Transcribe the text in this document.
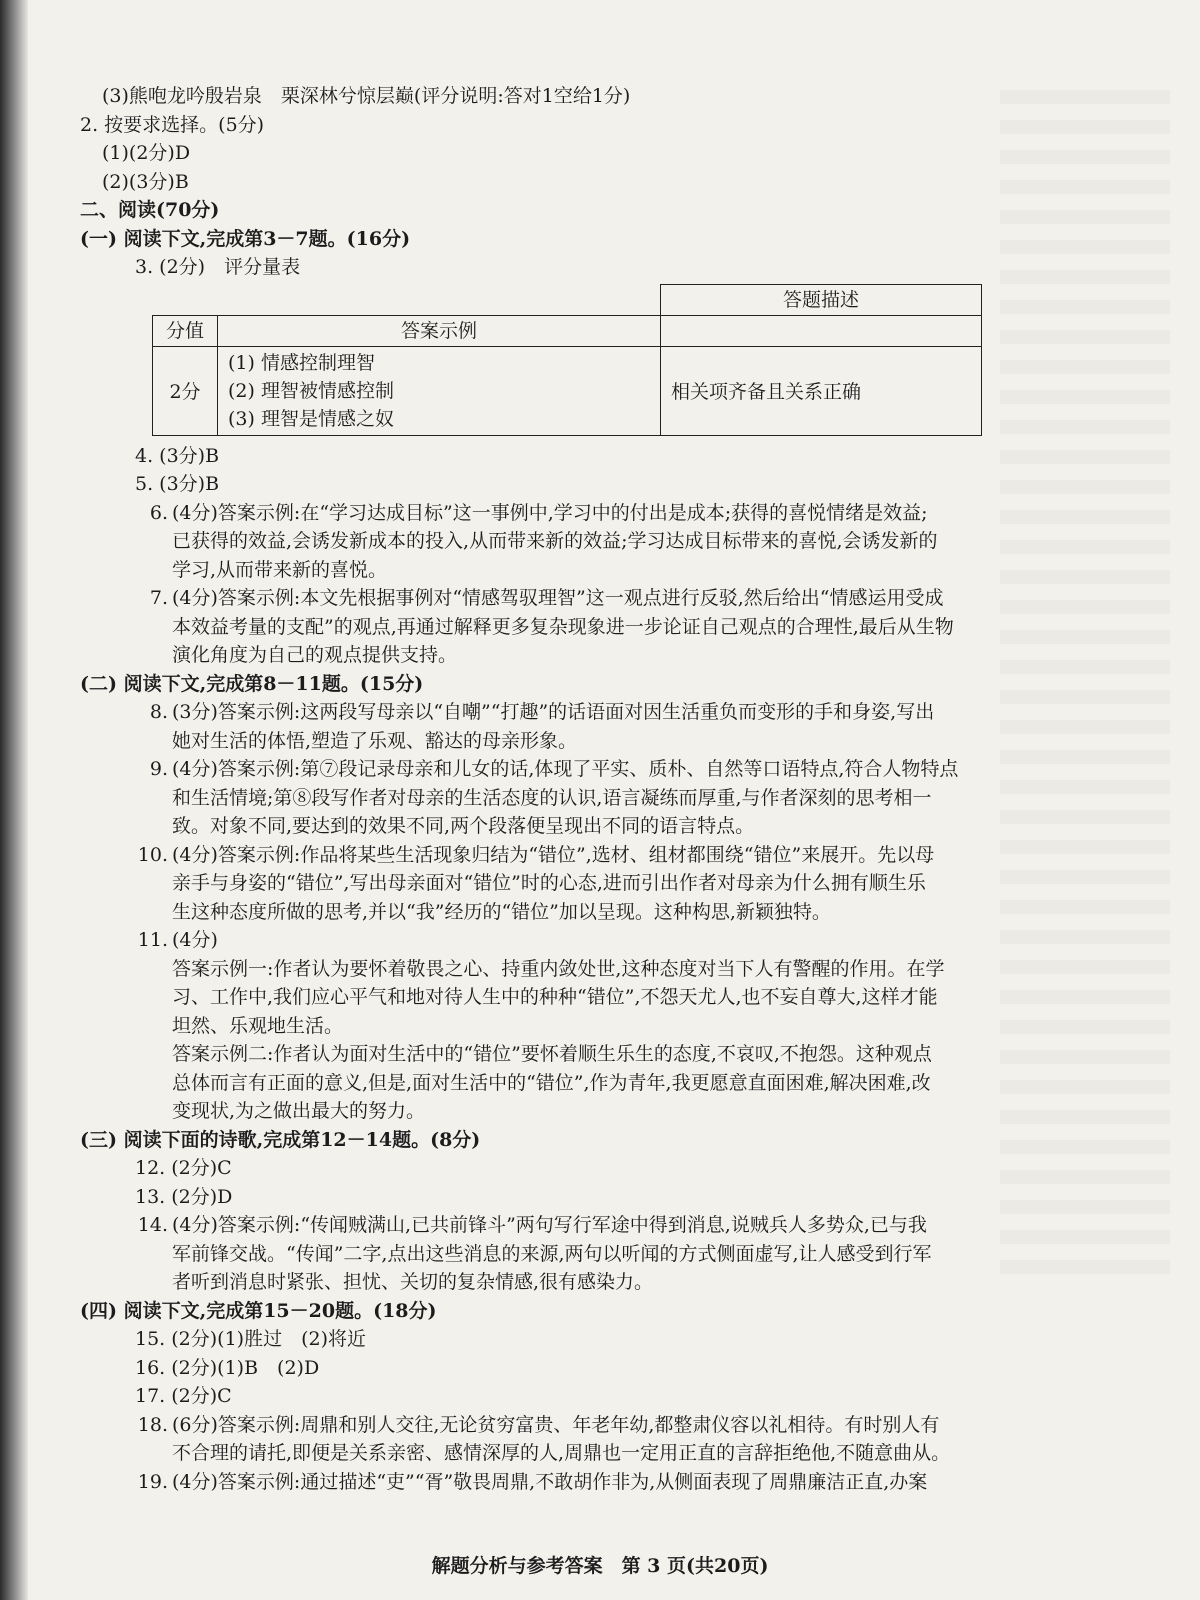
(3)熊咆龙吟殷岩泉　栗深林兮惊层巅(评分说明:答对1空给1分)
2. 按要求选择。(5分)
(1)(2分)D
(2)(3分)B
二、阅读(70分)
(一) 阅读下文,完成第3－7题。(16分)
3. (2分)　评分量表
		答题描述
分值	答案示例	
2分	(1) 情感控制理智
(2) 理智被情感控制
(3) 理智是情感之奴	相关项齐备且关系正确
4. (3分)B
5. (3分)B
6. (4分)答案示例:在“学习达成目标”这一事例中,学习中的付出是成本;获得的喜悦情绪是效益;
已获得的效益,会诱发新成本的投入,从而带来新的效益;学习达成目标带来的喜悦,会诱发新的
学习,从而带来新的喜悦。
7. (4分)答案示例:本文先根据事例对“情感驾驭理智”这一观点进行反驳,然后给出“情感运用受成
本效益考量的支配”的观点,再通过解释更多复杂现象进一步论证自己观点的合理性,最后从生物
演化角度为自己的观点提供支持。
(二) 阅读下文,完成第8－11题。(15分)
8. (3分)答案示例:这两段写母亲以“自嘲”“打趣”的话语面对因生活重负而变形的手和身姿,写出
她对生活的体悟,塑造了乐观、豁达的母亲形象。
9. (4分)答案示例:第⑦段记录母亲和儿女的话,体现了平实、质朴、自然等口语特点,符合人物特点
和生活情境;第⑧段写作者对母亲的生活态度的认识,语言凝练而厚重,与作者深刻的思考相一
致。对象不同,要达到的效果不同,两个段落便呈现出不同的语言特点。
10. (4分)答案示例:作品将某些生活现象归结为“错位”,选材、组材都围绕“错位”来展开。先以母
亲手与身姿的“错位”,写出母亲面对“错位”时的心态,进而引出作者对母亲为什么拥有顺生乐
生这种态度所做的思考,并以“我”经历的“错位”加以呈现。这种构思,新颖独特。
11. (4分)
答案示例一:作者认为要怀着敬畏之心、持重内敛处世,这种态度对当下人有警醒的作用。在学
习、工作中,我们应心平气和地对待人生中的种种“错位”,不怨天尤人,也不妄自尊大,这样才能
坦然、乐观地生活。
答案示例二:作者认为面对生活中的“错位”要怀着顺生乐生的态度,不哀叹,不抱怨。这种观点
总体而言有正面的意义,但是,面对生活中的“错位”,作为青年,我更愿意直面困难,解决困难,改
变现状,为之做出最大的努力。
(三) 阅读下面的诗歌,完成第12－14题。(8分)
12. (2分)C
13. (2分)D
14. (4分)答案示例:“传闻贼满山,已共前锋斗”两句写行军途中得到消息,说贼兵人多势众,已与我
军前锋交战。“传闻”二字,点出这些消息的来源,两句以听闻的方式侧面虚写,让人感受到行军
者听到消息时紧张、担忧、关切的复杂情感,很有感染力。
(四) 阅读下文,完成第15－20题。(18分)
15. (2分)(1)胜过　(2)将近
16. (2分)(1)B　(2)D
17. (2分)C
18. (6分)答案示例:周鼎和别人交往,无论贫穷富贵、年老年幼,都整肃仪容以礼相待。有时别人有
不合理的请托,即便是关系亲密、感情深厚的人,周鼎也一定用正直的言辞拒绝他,不随意曲从。
19. (4分)答案示例:通过描述“吏”“胥”敬畏周鼎,不敢胡作非为,从侧面表现了周鼎廉洁正直,办案
解题分析与参考答案　第 3 页(共20页)
